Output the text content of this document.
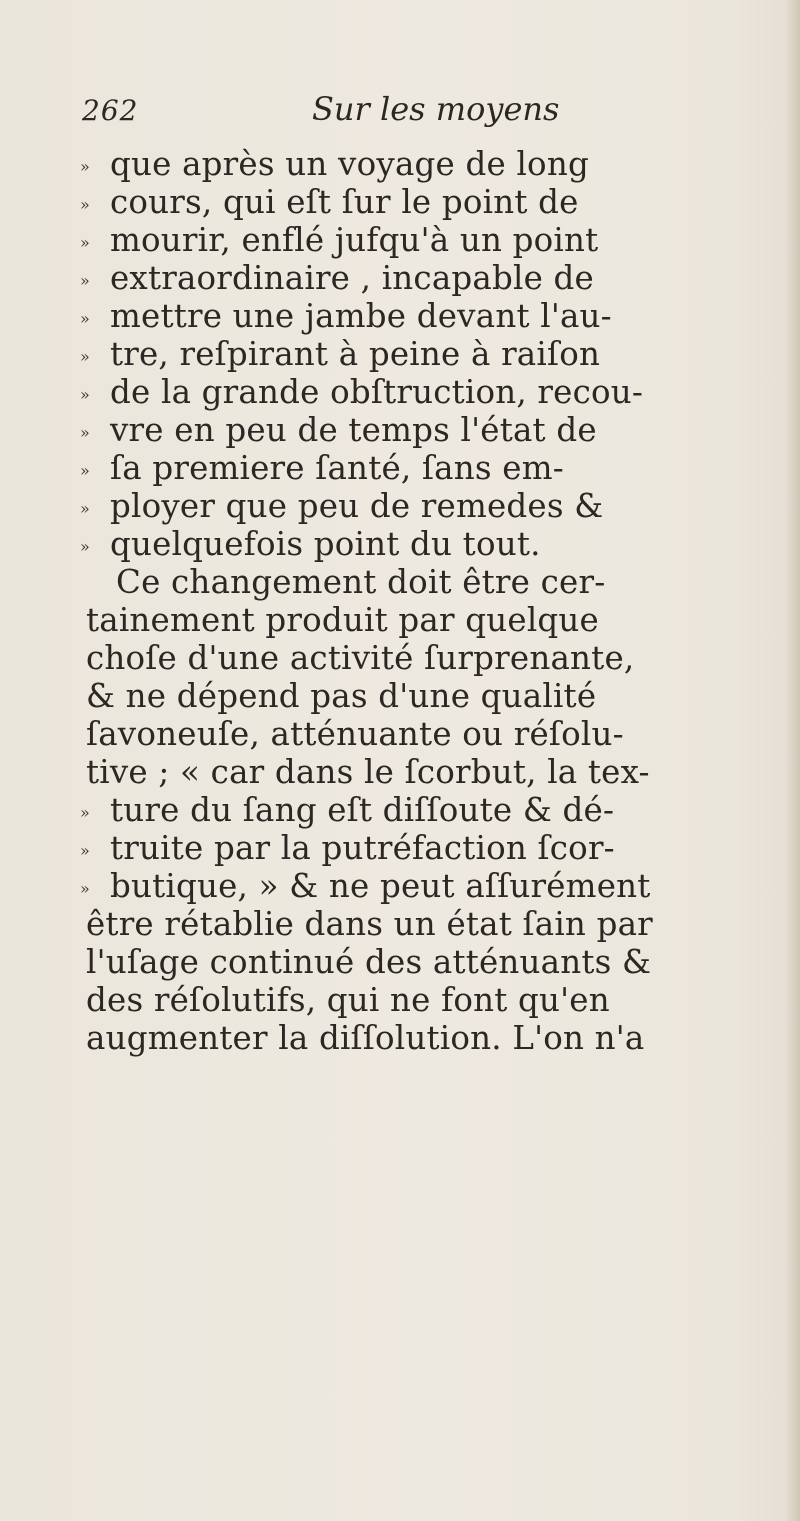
262	Sur les moyens
» que après un voyage de long
» cours, qui eſt ſur le point de
» mourir, enflé jufqu'à un point
» extraordinaire , incapable de
» mettre une jambe devant l'au-
» tre, reſpirant à peine à raiſon
» de la grande obſtruction, recou-
» vre en peu de temps l'état de
» ſa premiere ſanté, ſans em-
» ployer que peu de remedes &
» quelquefois point du tout.
Ce changement doit être cer-
tainement produit par quelque
choſe d'une activité ſurprenante,
& ne dépend pas d'une qualité
ſavoneuſe, atténuante ou réſolu-
tive ; « car dans le ſcorbut, la tex-
» ture du ſang eſt diſſoute & dé-
» truite par la putréfaction ſcor-
» butique, » & ne peut aſſurément
être rétablie dans un état ſain par
l'uſage continué des atténuants &
des réſolutifs, qui ne font qu'en
augmenter la diſſolution. L'on n'a
